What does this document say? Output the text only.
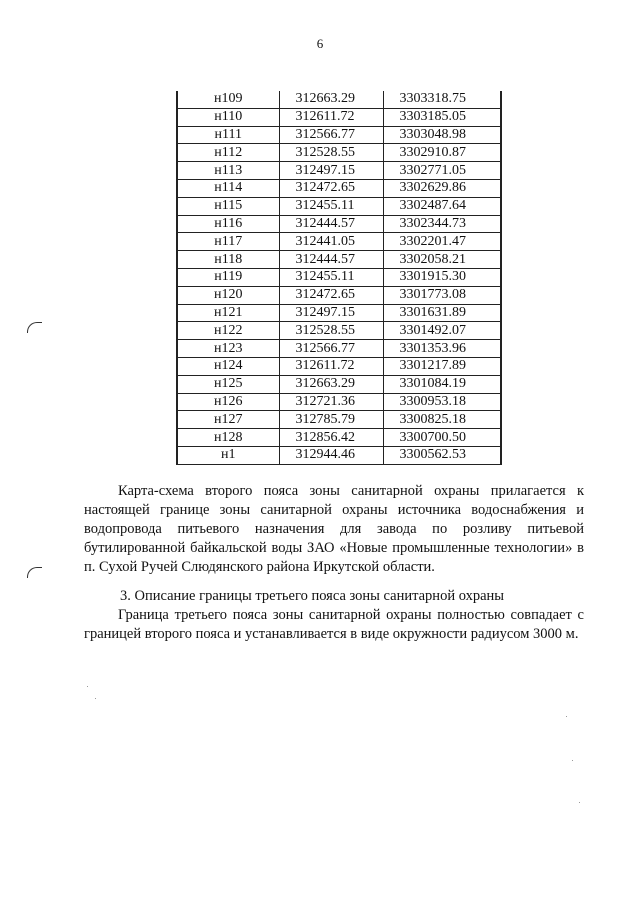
6
н109	312663.29	3303318.75
н110	312611.72	3303185.05
н111	312566.77	3303048.98
н112	312528.55	3302910.87
н113	312497.15	3302771.05
н114	312472.65	3302629.86
н115	312455.11	3302487.64
н116	312444.57	3302344.73
н117	312441.05	3302201.47
н118	312444.57	3302058.21
н119	312455.11	3301915.30
н120	312472.65	3301773.08
н121	312497.15	3301631.89
н122	312528.55	3301492.07
н123	312566.77	3301353.96
н124	312611.72	3301217.89
н125	312663.29	3301084.19
н126	312721.36	3300953.18
н127	312785.79	3300825.18
н128	312856.42	3300700.50
н1	312944.46	3300562.53
Карта-схема второго пояса зоны санитарной охраны прилагается к настоящей границе зоны санитарной охраны источника водоснабжения и водопровода питьевого назначения для завода по розливу питьевой бутилированной байкальской воды ЗАО «Новые промышленные технологии» в п. Сухой Ручей Слюдянского района Иркутской области.
3. Описание границы третьего пояса зоны санитарной охраны
Граница третьего пояса зоны санитарной охраны полностью совпадает с границей второго пояса и устанавливается в виде окружности радиусом 3000 м.
